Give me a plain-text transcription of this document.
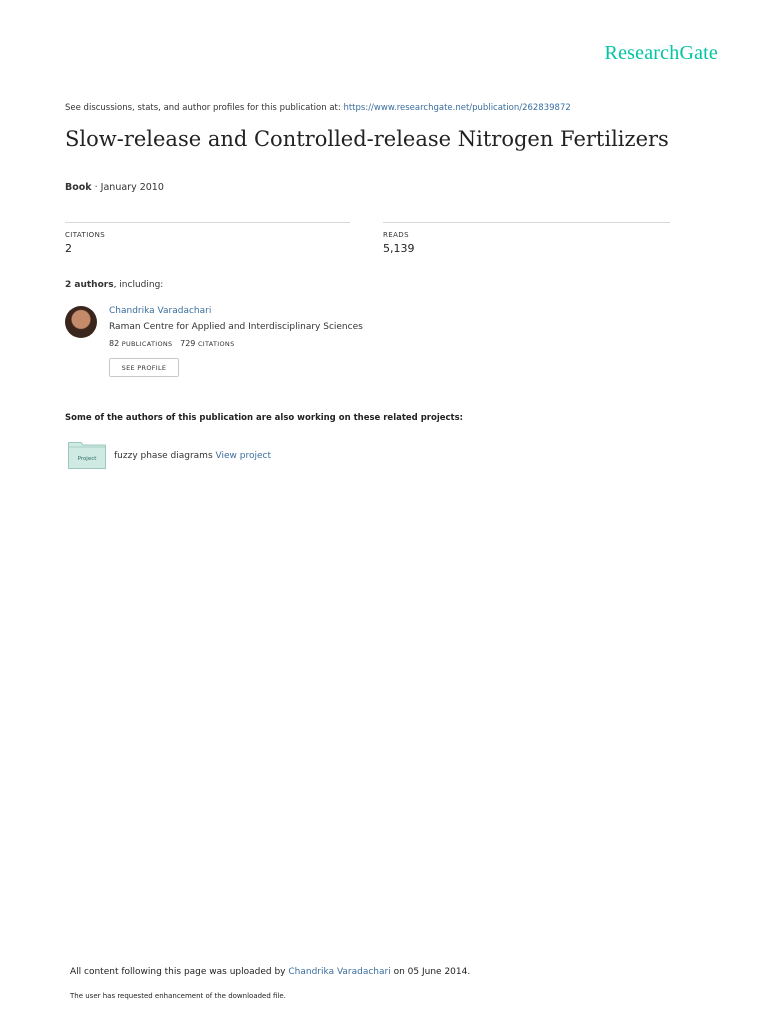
ResearchGate
See discussions, stats, and author profiles for this publication at: https://www.researchgate.net/publication/262839872
Slow-release and Controlled-release Nitrogen Fertilizers
Book · January 2010
CITATIONS
2
READS
5,139
2 authors, including:
Chandrika Varadachari
Raman Centre for Applied and Interdisciplinary Sciences
82 PUBLICATIONS 729 CITATIONS
SEE PROFILE
Some of the authors of this publication are also working on these related projects:
Project fuzzy phase diagrams View project
All content following this page was uploaded by Chandrika Varadachari on 05 June 2014.
The user has requested enhancement of the downloaded file.
